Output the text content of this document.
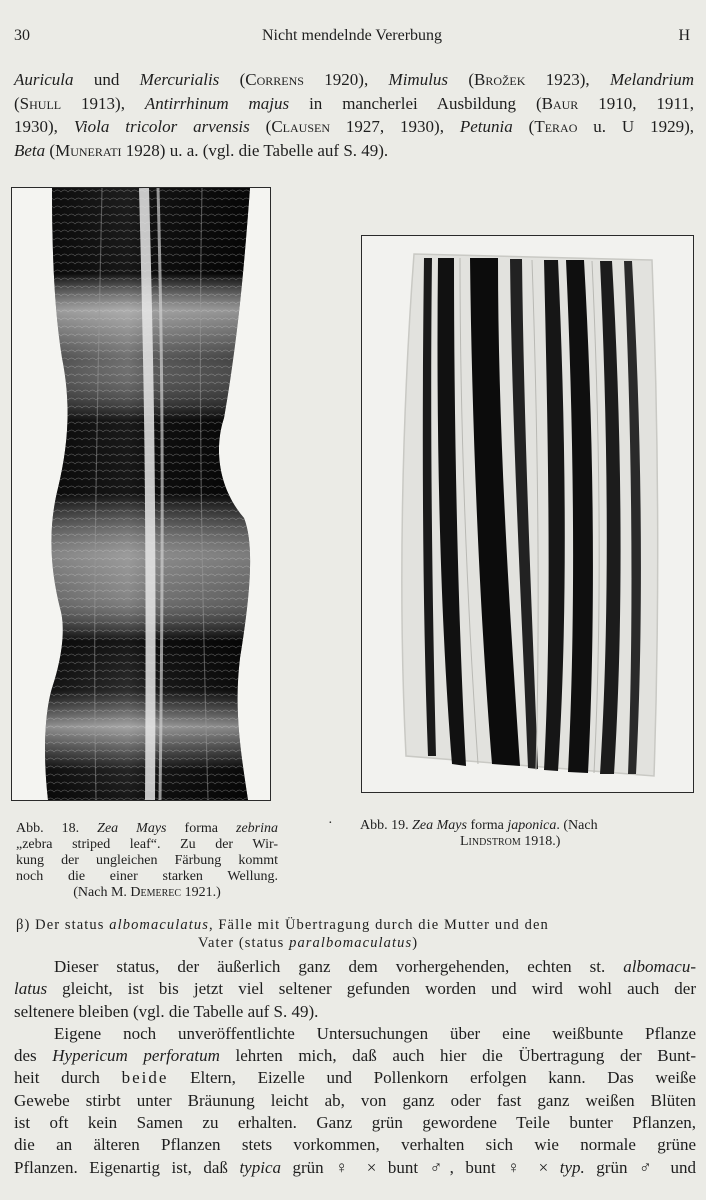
30	Nicht mendelnde Vererbung	H
Auricula und Mercurialis (Correns 1920), Mimulus (Brožek 1923), Melandrium
(Shull 1913), Antirrhinum majus in mancherlei Ausbildung (Baur 1910, 1911,
1930), Viola tricolor arvensis (Clausen 1927, 1930), Petunia (Terao u. U 1929),
Beta (Munerati 1928) u. a. (vgl. die Tabelle auf S. 49).
Abb. 18. Zea Mays forma zebrina
„zebra striped leaf“. Zu der Wir-
kung der ungleichen Färbung kommt
noch die einer starken Wellung.
(Nach M. Demerec 1921.)
· Abb. 19. Zea Mays forma japonica. (Nach
Lindstrom 1918.)
β) Der status albomaculatus, Fälle mit Übertragung durch die Mutter und den
Vater (status paralbomaculatus)
Dieser status, der äußerlich ganz dem vorhergehenden, echten st. albomacu-
latus gleicht, ist bis jetzt viel seltener gefunden worden und wird wohl auch der
seltenere bleiben (vgl. die Tabelle auf S. 49).
Eigene noch unveröffentlichte Untersuchungen über eine weißbunte Pflanze
des Hypericum perforatum lehrten mich, daß auch hier die Übertragung der Bunt-
heit durch beide Eltern, Eizelle und Pollenkorn erfolgen kann. Das weiße
Gewebe stirbt unter Bräunung leicht ab, von ganz oder fast ganz weißen Blüten
ist oft kein Samen zu erhalten. Ganz grün gewordene Teile bunter Pflanzen,
die an älteren Pflanzen stets vorkommen, verhalten sich wie normale grüne
Pflanzen. Eigenartig ist, daß typica grün ♀ × bunt ♂, bunt ♀ × typ. grün ♂ und
